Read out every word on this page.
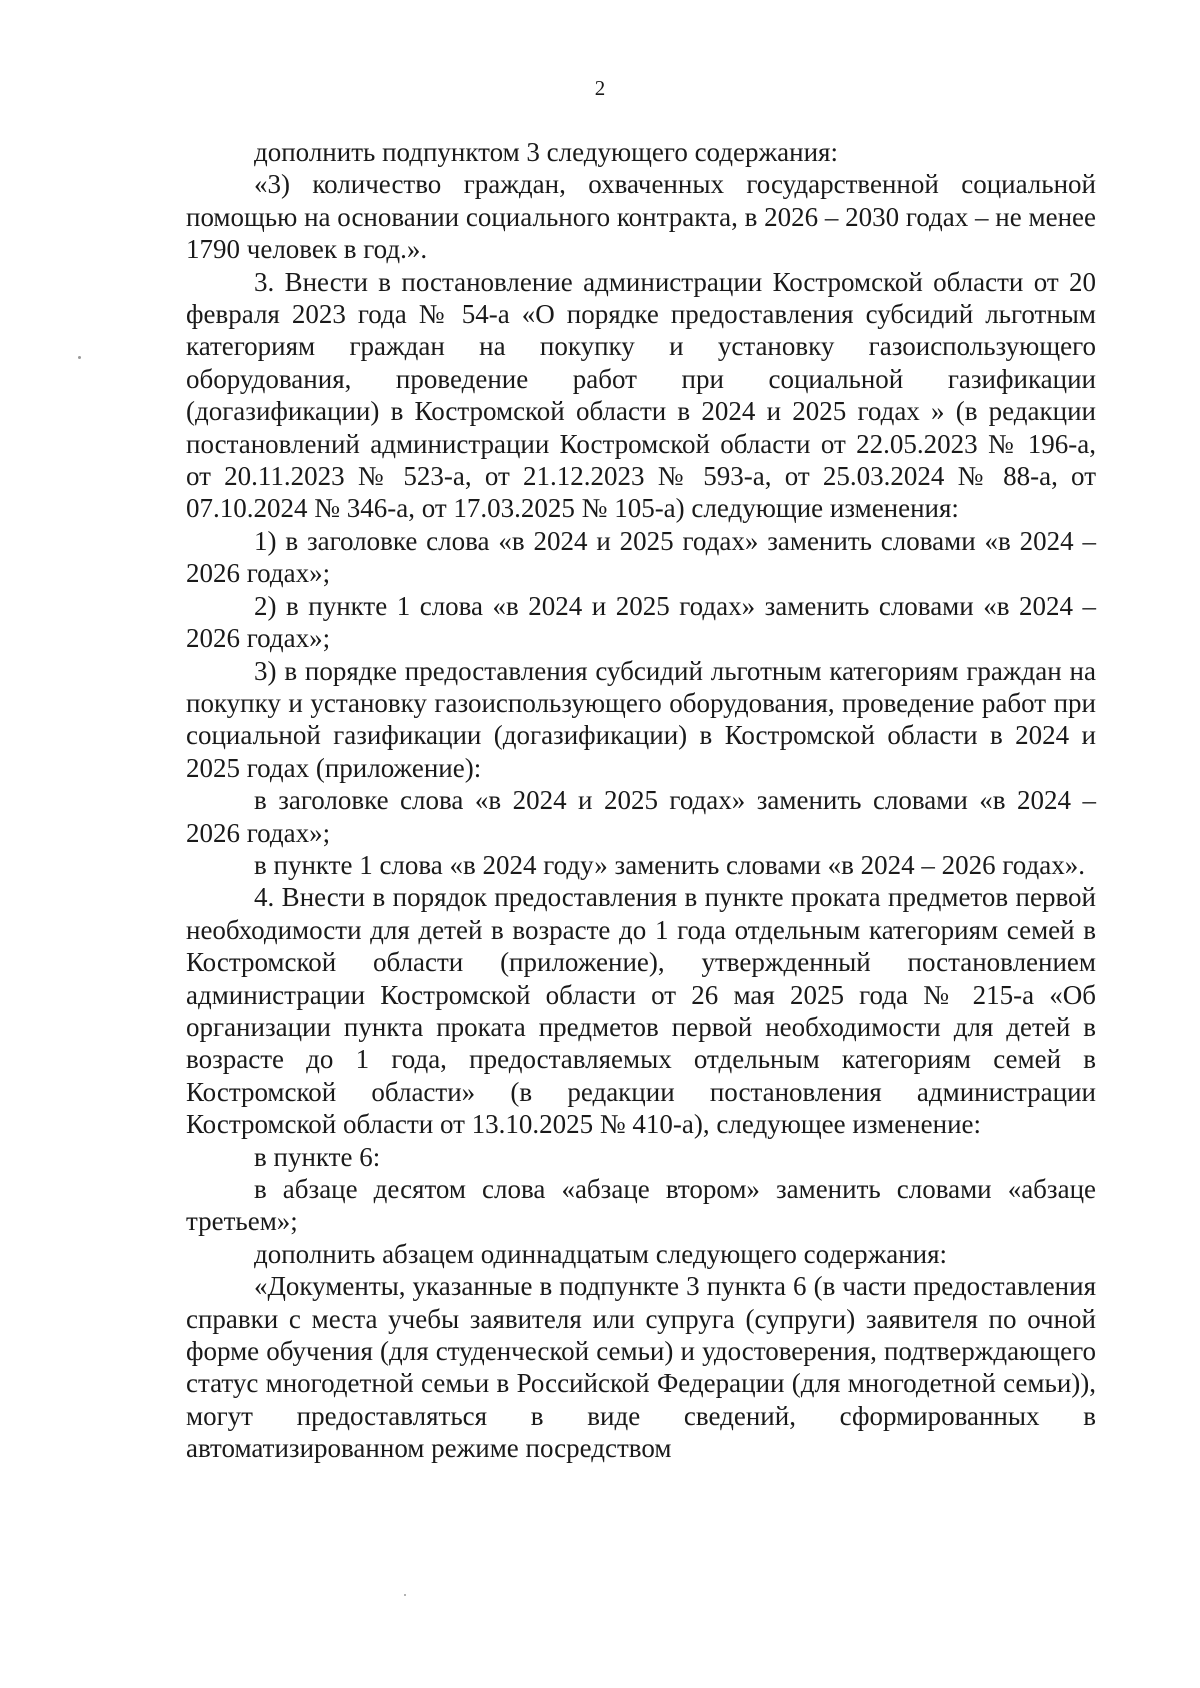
2

дополнить подпунктом 3 следующего содержания:

«3) количество граждан, охваченных государственной социальной помощью на основании социального контракта, в 2026 – 2030 годах – не менее 1790 человек в год.».

3. Внести в постановление администрации Костромской области от 20 февраля 2023 года № 54-а «О порядке предоставления субсидий льготным категориям граждан на покупку и установку газоиспользующего оборудования, проведение работ при социальной газификации (догазификации) в Костромской области в 2024 и 2025 годах » (в редакции постановлений администрации Костромской области от 22.05.2023 № 196-а, от 20.11.2023 № 523-а, от 21.12.2023 № 593-а, от 25.03.2024 № 88-а, от 07.10.2024 № 346-а, от 17.03.2025 № 105-а) следующие изменения:

1) в заголовке слова «в 2024 и 2025 годах» заменить словами «в 2024 – 2026 годах»;

2) в пункте 1 слова «в 2024 и 2025 годах» заменить словами «в 2024 – 2026 годах»;

3) в порядке предоставления субсидий льготным категориям граждан на покупку и установку газоиспользующего оборудования, проведение работ при социальной газификации (догазификации) в Костромской области в 2024 и 2025 годах (приложение):

в заголовке слова «в 2024 и 2025 годах» заменить словами «в 2024 – 2026 годах»;

в пункте 1 слова «в 2024 году» заменить словами «в 2024 – 2026 годах».

4. Внести в порядок предоставления в пункте проката предметов первой необходимости для детей в возрасте до 1 года отдельным категориям семей в Костромской области (приложение), утвержденный постановлением администрации Костромской области от 26 мая 2025 года № 215-а «Об организации пункта проката предметов первой необходимости для детей в возрасте до 1 года, предоставляемых отдельным категориям семей в Костромской области» (в редакции постановления администрации Костромской области от 13.10.2025 № 410-а), следующее изменение:

в пункте 6:

в абзаце десятом слова «абзаце втором» заменить словами «абзаце третьем»;

дополнить абзацем одиннадцатым следующего содержания:

«Документы, указанные в подпункте 3 пункта 6 (в части предоставления справки с места учебы заявителя или супруга (супруги) заявителя по очной форме обучения (для студенческой семьи) и удостоверения, подтверждающего статус многодетной семьи в Российской Федерации (для многодетной семьи)), могут предоставляться в виде сведений, сформированных в автоматизированном режиме посредством
